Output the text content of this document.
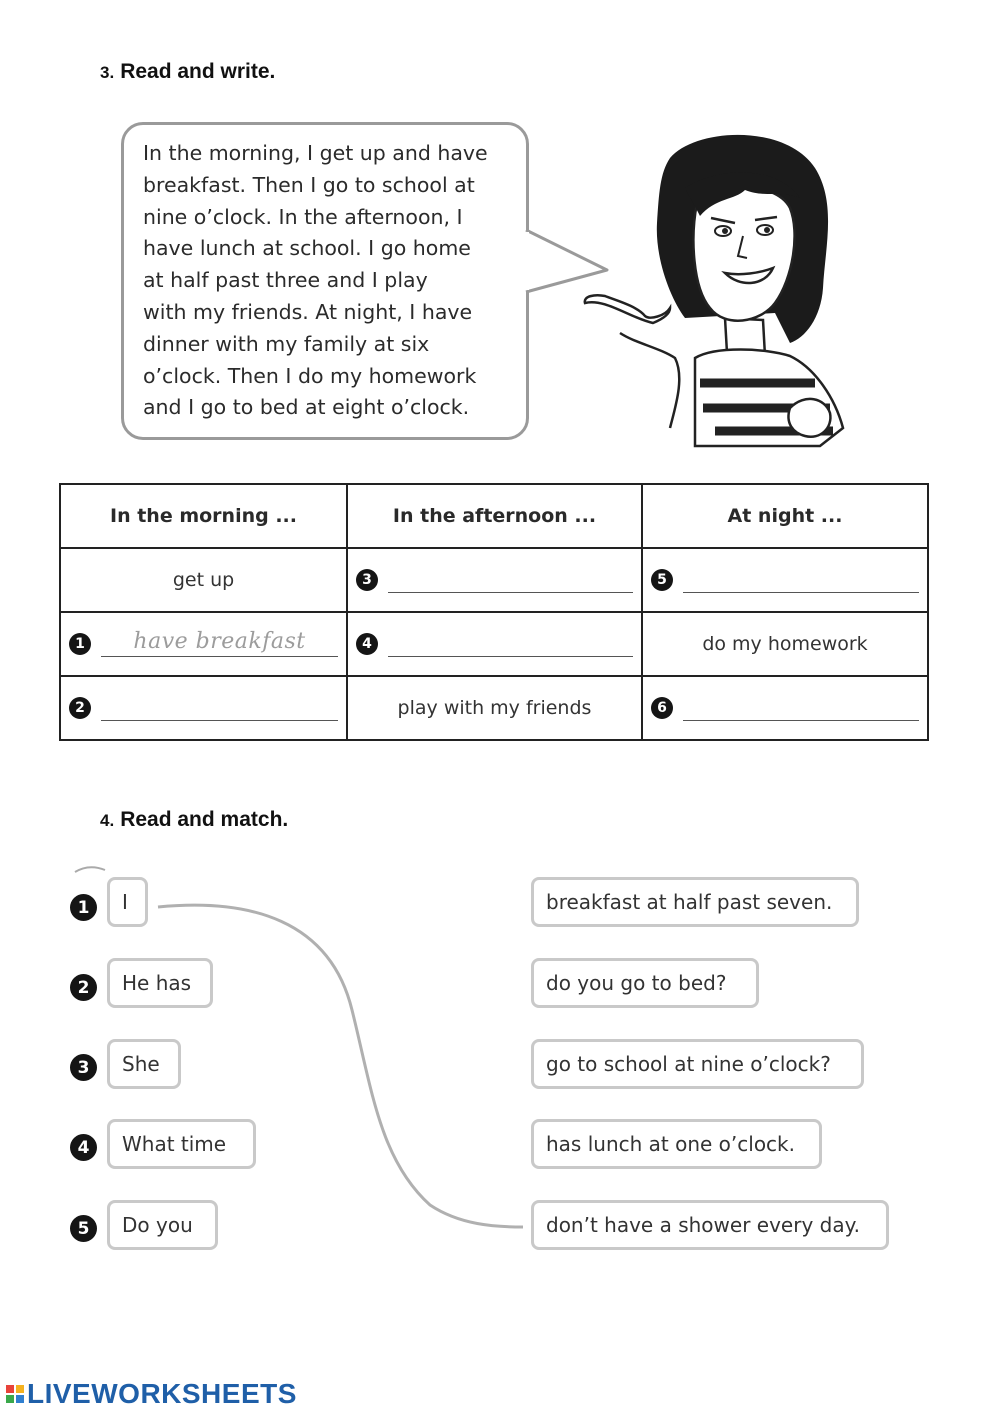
3. Read and write.

In the morning, I get up and have
breakfast. Then I go to school at
nine o’clock. In the afternoon, I
have lunch at school. I go home
at half past three and I play
with my friends. At night, I have
dinner with my family at six
o’clock. Then I do my homework
and I go to bed at eight o’clock.

In the morning ...	In the afternoon ...	At night ...
get up	3	5

1 have breakfast	4	do my homework

2	play with my friends	6
4. Read and match.
1	I
2	He has
3	She
4	What time
5	Do you
breakfast at half past seven.
do you go to bed?
go to school at nine o’clock?
has lunch at one o’clock.
don’t have a shower every day.
LIVEWORKSHEETS
